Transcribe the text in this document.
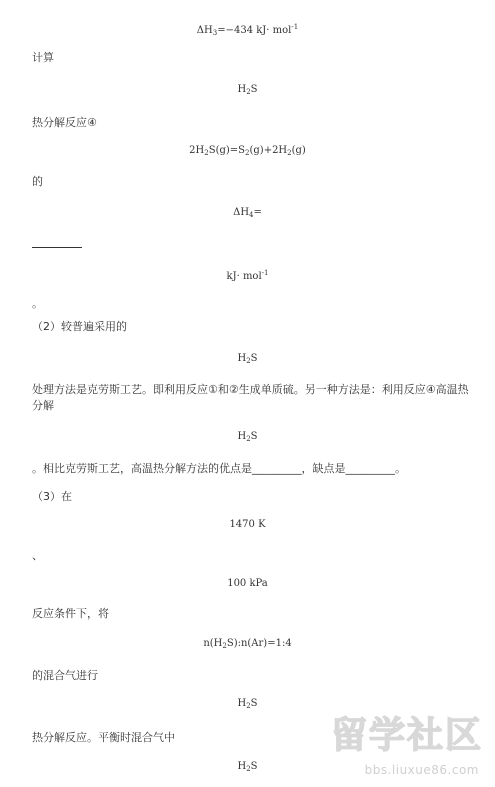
$\Delta H_3=-434$ kJ· mol$^{-1}$
计算
$H_2S$
热分解反应④
$2H_2S(g)=S_2(g)+2H_2(g)$
的
$\Delta H_4=$
kJ· mol$^{-1}$
。
（2）较普遍采用的
$H_2S$
处理方法是克劳斯工艺。即利用反应①和②生成单质硫。另一种方法是：利用反应④高温热分解
$H_2S$
。相比克劳斯工艺，高温热分解方法的优点是_________，缺点是_________。
（3）在
1470 K
、
100 kPa
反应条件下，将
$n(H_2S):n(Ar)=1:4$
的混合气进行
$H_2S$
热分解反应。平衡时混合气中
$H_2S$
留学社区
bbs.liuxue86.com
